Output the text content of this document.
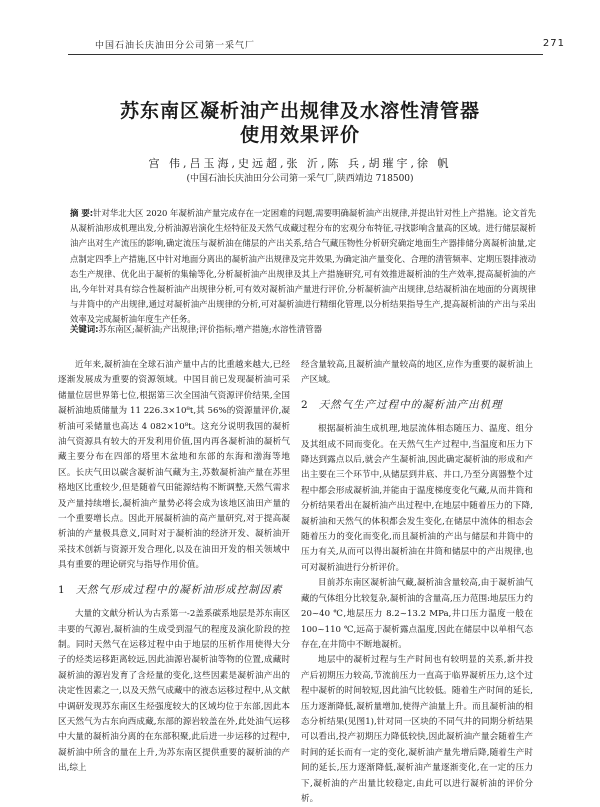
中国石油长庆油田分公司第一采气厂	271
苏东南区凝析油产出规律及水溶性清管器
使用效果评价
宫 伟,吕玉海,史远超,张 沂,陈 兵,胡璀宇,徐 帆
(中国石油长庆油田分公司第一采气厂,陕西靖边 718500)
摘 要:针对华北大区 2020 年凝析油产量完成存在一定困难的问题,需要明确凝析油产出规律,并提出针对性上产措施。论文首先从凝析油形成机理出发,分析油源岩演化生烃特征及天然气成藏过程分布的宏观分布特征,寻找影响含量高的区域。进行储层凝析油产出对生产流压的影响,确定流压与凝析油在储层的产出关系,结合气藏压物性分析研究确定地面生产器排储分离凝析油量,定点制定四季上产措施,区中针对地面分离出的凝析油产出规律及完井效果,为确定油产量变化、合理的清管频率、定期压裂排液动态生产规律、优化出于凝析的集输等化,分析凝析油产出规律及其上产措施研究,可有效推进凝析油的生产效率,提高凝析油的产出,今年针对具有综合性凝析油产出规律分析,可有效对凝析油产量进行评价,分析凝析油产出规律,总结凝析油在地面的分离规律与井筒中的产出规律,通过对凝析油产出规律的分析,可对凝析油进行精细化管理,以分析结果指导生产,提高凝析油的产出与采出效率及完成凝析油年度生产任务。
关键词:苏东南区;凝析油;产出规律;评价指标;增产措施;水溶性清管器

近年来,凝析油在全球石油产量中占的比重越来越大,已经逐渐发展成为重要的资源领域。中国目前已发现凝析油可采储量位居世界第七位,根据第三次全国油气资源评价结果,全国凝析油地质储量为 11 226.3×10⁸t,其 56%的资源量评价,凝析油可采储量也高达 4 082×10⁸t。这充分说明我国的凝析油气资源具有较大的开发利用价值,国内再各凝析油的凝析气藏主要分布在四部的塔里木盆地和东部的东海和渤海等地区。长庆气田以碳含凝析油气藏为主,苏数凝析油产量在苏里格地区比重较少,但是随着气田能源结构不断调整,天然气需求及产量持续增长,凝析油产量势必将会成为该地区油田产量的一个重要增长点。因此开展凝析油的高产量研究,对于提高凝析油的产量极具意义,同时对于凝析油的经济开发、凝析油开采技术创新与资源开发合理化,以及在油田开发的相关领域中具有重要的理论研究与指导作用价值。

1 天然气形成过程中的凝析油形成控制因素

大量的文献分析认为古系第一-2盖系碳系地层是苏东南区丰要的气源岩,凝析油的生成受到湿气的程度及演化阶段的控制。同时天然气在运移过程中由于地层的压析作用使得大分子的烃类运移距离较远,因此油源岩凝析油等物的位置,成藏时凝析油的源岩发育了含烃量的变化,这些因素是凝析油产出的决定性因素之一,以及天然气成藏中的液态运移过程中,从文献中调研发现苏东南区生烃强度较大的区域均位于东部,因此本区天然气为古东向西成藏,东部的源岩较盖在外,此处油气运移中大量的凝析油分离的在东部积聚,此后进一步运移的过程中,凝析油中所含的量在上升,为苏东南区提供重要的凝析油的产出,综上

经含量较高,且凝析油产量较高的地区,应作为重要的凝析油上产区域。

2 天然气生产过程中的凝析油产出机理

根据凝析油生成机理,地层流体相态随压力、温度、组分及其组成不同而变化。在天然气生产过程中,当温度和压力下降达到露点以后,就会产生凝析油,因此确定凝析油的形成和产出主要在三个环节中,从储层到井底、井口,乃至分离器整个过程中都会形成凝析油,并能由于温度梯度变化气藏,从而井筒和分析结果看出在凝析油产出过程中,在地层中随着压力的下降,凝析油和天然气的体积都会发生变化,在储层中流体的相态会随着压力的变化而变化,而且凝析油的产出与储层和井筒中的压力有关,从而可以得出凝析油在井筒和储层中的产出规律,也可对凝析油进行分析评价。

目前苏东南区凝析油气藏,凝析油含量较高,由于凝析油气藏的气体组分比较复杂,凝析油的含量高,压力范围:地层压力约 20~40 ℃,地层压力 8.2~13.2 MPa,井口压力温度一般在 100~110 ℃,远高于凝析露点温度,因此在储层中以单相气态存在,在井筒中不断地凝析。

地层中的凝析过程与生产时间也有较明显的关系,新井投产后初期压力较高,节流前压力一直高于临界凝析压力,这个过程中凝析的时间较短,因此油气比较低。随着生产时间的延长,压力逐渐降低,凝析量增加,使得产油量上升。而且凝析油的相态分析结果(见图1),针对同一区块的不同气井的同期分析结果可以看出,投产初期压力降低较快,因此凝析油产量会随着生产时间的延长而有一定的变化,凝析油产量先增后降,随着生产时间的延长,压力逐渐降低,凝析油产量逐渐变化,在一定的压力下,凝析油的产出量比较稳定,由此可以进行凝析油的评价分析。
